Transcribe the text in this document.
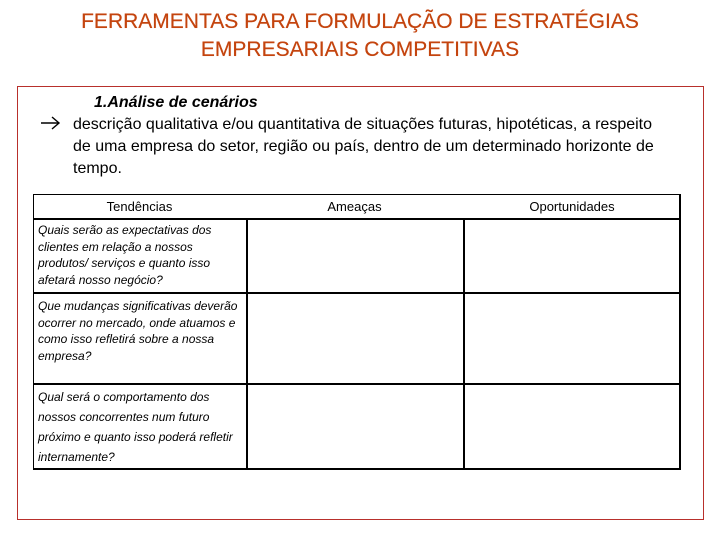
FERRAMENTAS PARA FORMULAÇÃO DE ESTRATÉGIAS
EMPRESARIAIS COMPETITIVAS
1.Análise de cenários
descrição qualitativa e/ou quantitativa de situações futuras, hipotéticas, a respeito de uma empresa do setor, região ou país, dentro de um determinado horizonte de tempo.
Tendências	Ameaças	Oportunidades
Quais serão as expectativas dos clientes em relação a nossos produtos/ serviços e quanto isso afetará nosso negócio?
Que mudanças significativas deverão ocorrer no mercado, onde atuamos e como isso refletirá sobre a nossa empresa?
Qual será o comportamento dos nossos concorrentes num futuro próximo e quanto isso poderá refletir internamente?
